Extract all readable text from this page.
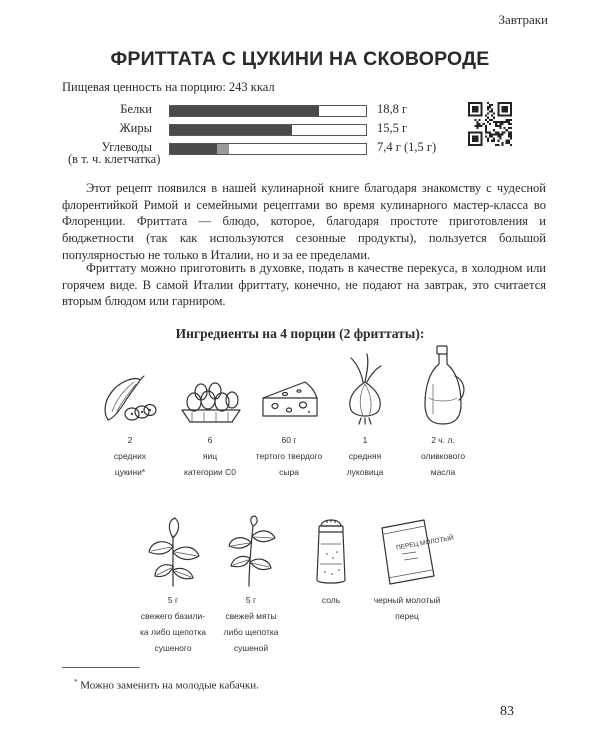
Завтраки
ФРИТТАТА С ЦУКИНИ НА СКОВОРОДЕ
Пищевая ценность на порцию: 243 ккал
Белки	18,8 г
Жиры	15,5 г
Углеводы	7,4 г (1,5 г)
(в т. ч. клетчатка)

Этот рецепт появился в нашей кулинарной книге благодаря знакомству с чудесной флорентийкой Римой и семейными рецептами во время кулинарного мастер-класса во Флоренции. Фриттата — блюдо, которое, благодаря простоте приготовления и бюджетности (так как используются сезонные продукты), пользуется большой популярностью не только в Италии, но и за ее пределами.

Фриттату можно приготовить в духовке, подать в качестве перекуса, в холодном или горячем виде. В самой Италии фриттату, конечно, не подают на завтрак, это считается вторым блюдом или гарниром.

Ингредиенты на 4 порции (2 фриттаты):
2
средних
цукини*
6
яиц
категории С0
60 г
тертого твердого
сыра
1
средняя
луковица
2 ч. л.
оливкового
масла
5 г
свежего базили-
ка либо щепотка
сушеного
5 г
свежей мяты
либо щепотка
сушеной
соль
ПЕРЕЦ МОЛОТЫЙ
черный молотый
перец
* Можно заменить на молодые кабачки.
83
